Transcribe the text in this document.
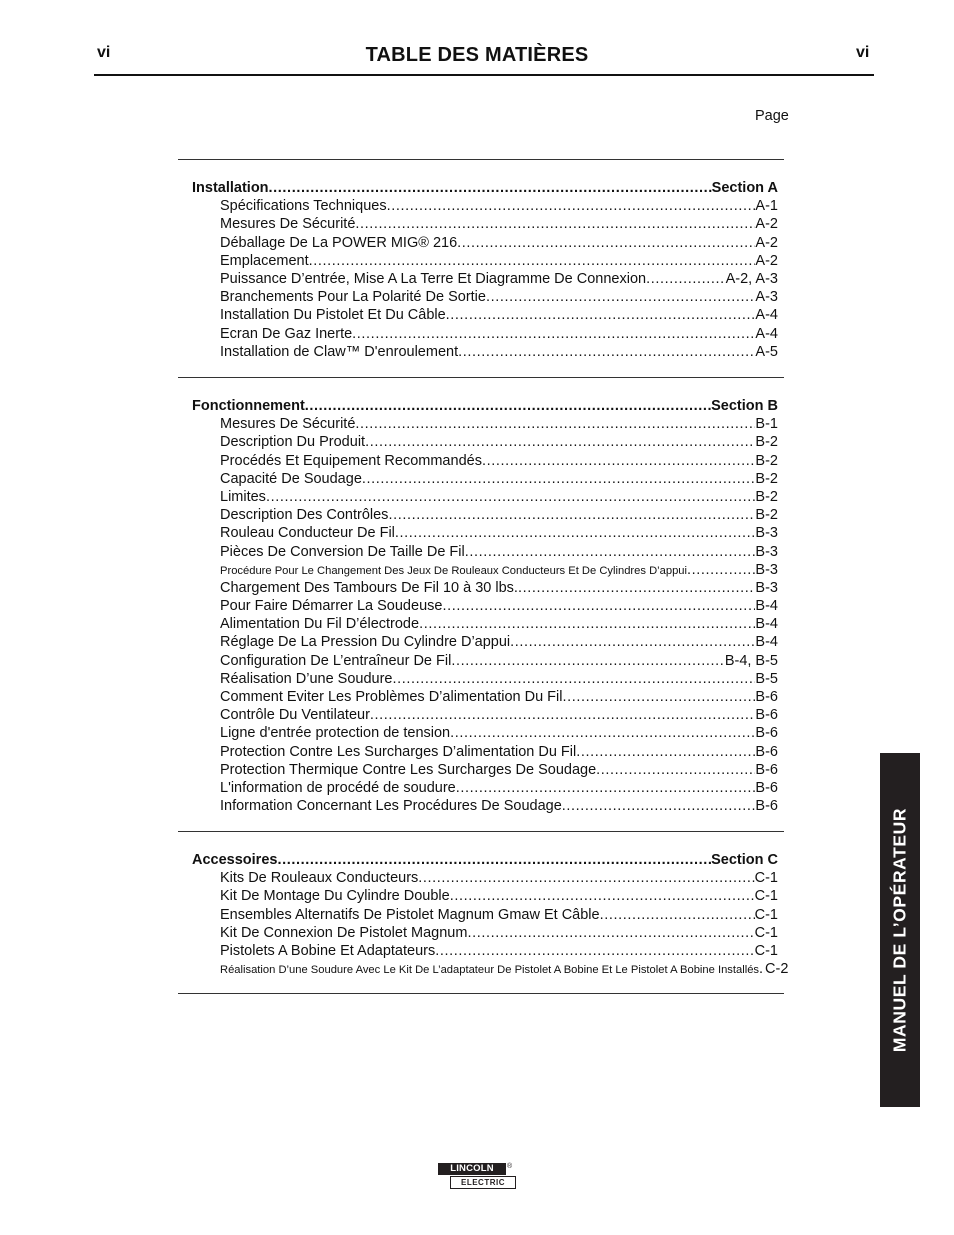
vi	TABLE DES MATIÈRES	vi
Page
Installation .....	Section A
Spécifications Techniques .....	A-1
Mesures De Sécurité .....	A-2
Déballage De La POWER MIG® 216 .....	A-2
Emplacement .....	A-2
Puissance D’entrée, Mise A La Terre Et Diagramme De Connexion .....	A-2, A-3
Branchements Pour La Polarité De Sortie .....	A-3
Installation Du Pistolet Et Du Câble .....	A-4
Ecran De Gaz Inerte .....	A-4
Installation de Claw™ D'enroulement .....	A-5
Fonctionnement .....	Section B
Mesures De Sécurité .....	B-1
Description Du Produit .....	B-2
Procédés Et Equipement Recommandés .....	B-2
Capacité De Soudage .....	B-2
Limites .....	B-2
Description Des Contrôles .....	B-2
Rouleau Conducteur De Fil .....	B-3
Pièces De Conversion De Taille De Fil .....	B-3
Procédure Pour Le Changement Des Jeux De Rouleaux Conducteurs Et De Cylindres D’appui .....	B-3
Chargement Des Tambours De Fil 10 à 30 lbs. .....	B-3
Pour Faire Démarrer La Soudeuse .....	B-4
Alimentation Du Fil D’électrode .....	B-4
Réglage De La Pression Du Cylindre D’appui .....	B-4
Configuration De L’entraîneur De Fil .....	B-4, B-5
Réalisation D’une Soudure .....	B-5
Comment Eviter Les Problèmes D’alimentation Du Fil .....	B-6
Contrôle Du Ventilateur .....	B-6
Ligne d'entrée protection de tension .....	B-6
Protection Contre Les Surcharges D’alimentation Du Fil .....	B-6
Protection Thermique Contre Les Surcharges De Soudage .....	B-6
L'information de procédé de soudure .....	B-6
Information Concernant Les Procédures De Soudage .....	B-6
Accessoires .....	Section C
Kits De Rouleaux Conducteurs .....	C-1
Kit De Montage Du Cylindre Double .....	C-1
Ensembles Alternatifs De Pistolet Magnum Gmaw Et Câble .....	C-1
Kit De Connexion De Pistolet Magnum .....	C-1
Pistolets A Bobine Et Adaptateurs .....	C-1
Réalisation D’une Soudure Avec Le Kit De L’adaptateur De Pistolet A Bobine Et Le Pistolet A Bobine Installés ..... C-2	MANUEL DE L’OPÉRATEUR
LINCOLN	®
ELECTRIC
